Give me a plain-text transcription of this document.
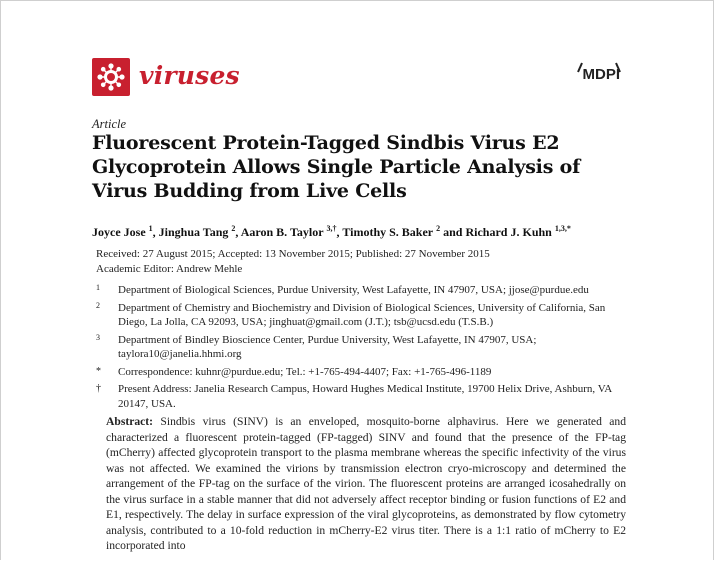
viruses	MDPI
Article
Fluorescent Protein-Tagged Sindbis Virus E2 Glycoprotein Allows Single Particle Analysis of Virus Budding from Live Cells
Joyce Jose $^1$, Jinghua Tang $^2$, Aaron B. Taylor $^{3,\dagger}$, Timothy S. Baker $^2$ and Richard J. Kuhn $^{1,3,*}$
Received: 27 August 2015; Accepted: 13 November 2015; Published: 27 November 2015
Academic Editor: Andrew Mehle
1 Department of Biological Sciences, Purdue University, West Lafayette, IN 47907, USA; jjose@purdue.edu
2 Department of Chemistry and Biochemistry and Division of Biological Sciences, University of California, San Diego, La Jolla, CA 92093, USA; jinghuat@gmail.com (J.T.); tsb@ucsd.edu (T.S.B.)
3 Department of Bindley Bioscience Center, Purdue University, West Lafayette, IN 47907, USA; taylora10@janelia.hhmi.org
* Correspondence: kuhnr@purdue.edu; Tel.: +1-765-494-4407; Fax: +1-765-496-1189
† Present Address: Janelia Research Campus, Howard Hughes Medical Institute, 19700 Helix Drive, Ashburn, VA 20147, USA.
Abstract: Sindbis virus (SINV) is an enveloped, mosquito-borne alphavirus. Here we generated and characterized a fluorescent protein-tagged (FP-tagged) SINV and found that the presence of the FP-tag (mCherry) affected glycoprotein transport to the plasma membrane whereas the specific infectivity of the virus was not affected. We examined the virions by transmission electron cryo-microscopy and determined the arrangement of the FP-tag on the surface of the virion. The fluorescent proteins are arranged icosahedrally on the virus surface in a stable manner that did not adversely affect receptor binding or fusion functions of E2 and E1, respectively. The delay in surface expression of the viral glycoproteins, as demonstrated by flow cytometry analysis, contributed to a 10-fold reduction in mCherry-E2 virus titer. There is a 1:1 ratio of mCherry to E2 incorporated into
